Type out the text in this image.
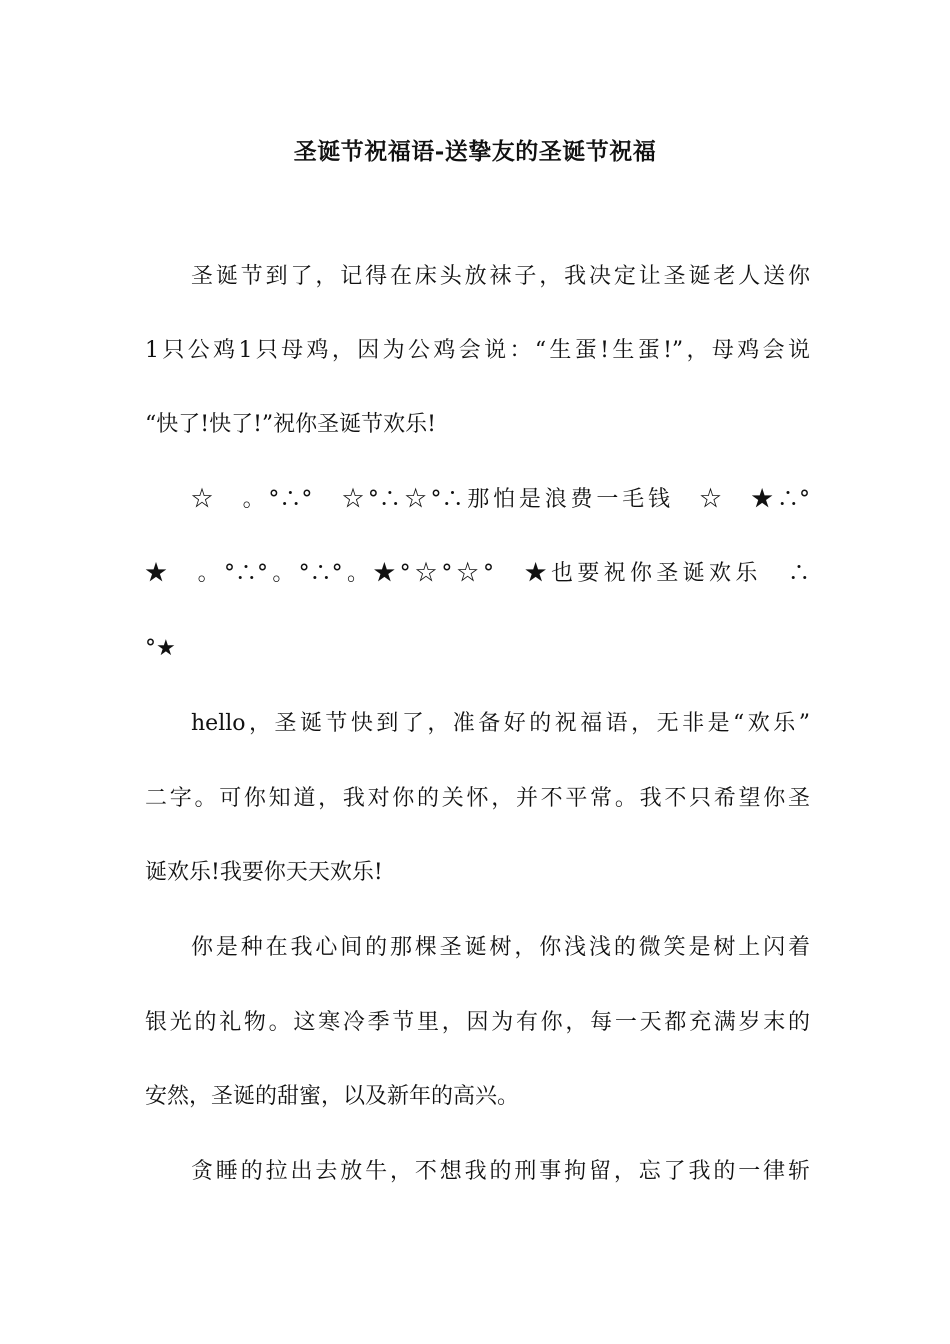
圣诞节祝福语-送挚友的圣诞节祝福
圣诞节到了，记得在床头放袜子，我决定让圣诞老人送你
1只公鸡1只母鸡，因为公鸡会说：“生蛋!生蛋!”，母鸡会说
“快了!快了!”祝你圣诞节欢乐!
☆　。°∴°　☆°∴☆°∴那怕是浪费一毛钱　☆　★∴°
★　。°∴°。°∴°。★°☆°☆°　★也要祝你圣诞欢乐　∴
°★
hello，圣诞节快到了，准备好的祝福语，无非是“欢乐”
二字。可你知道，我对你的关怀，并不平常。我不只希望你圣
诞欢乐!我要你天天欢乐!
你是种在我心间的那棵圣诞树，你浅浅的微笑是树上闪着
银光的礼物。这寒冷季节里，因为有你，每一天都充满岁末的
安然，圣诞的甜蜜，以及新年的高兴。
贪睡的拉出去放牛，不想我的刑事拘留，忘了我的一律斩
